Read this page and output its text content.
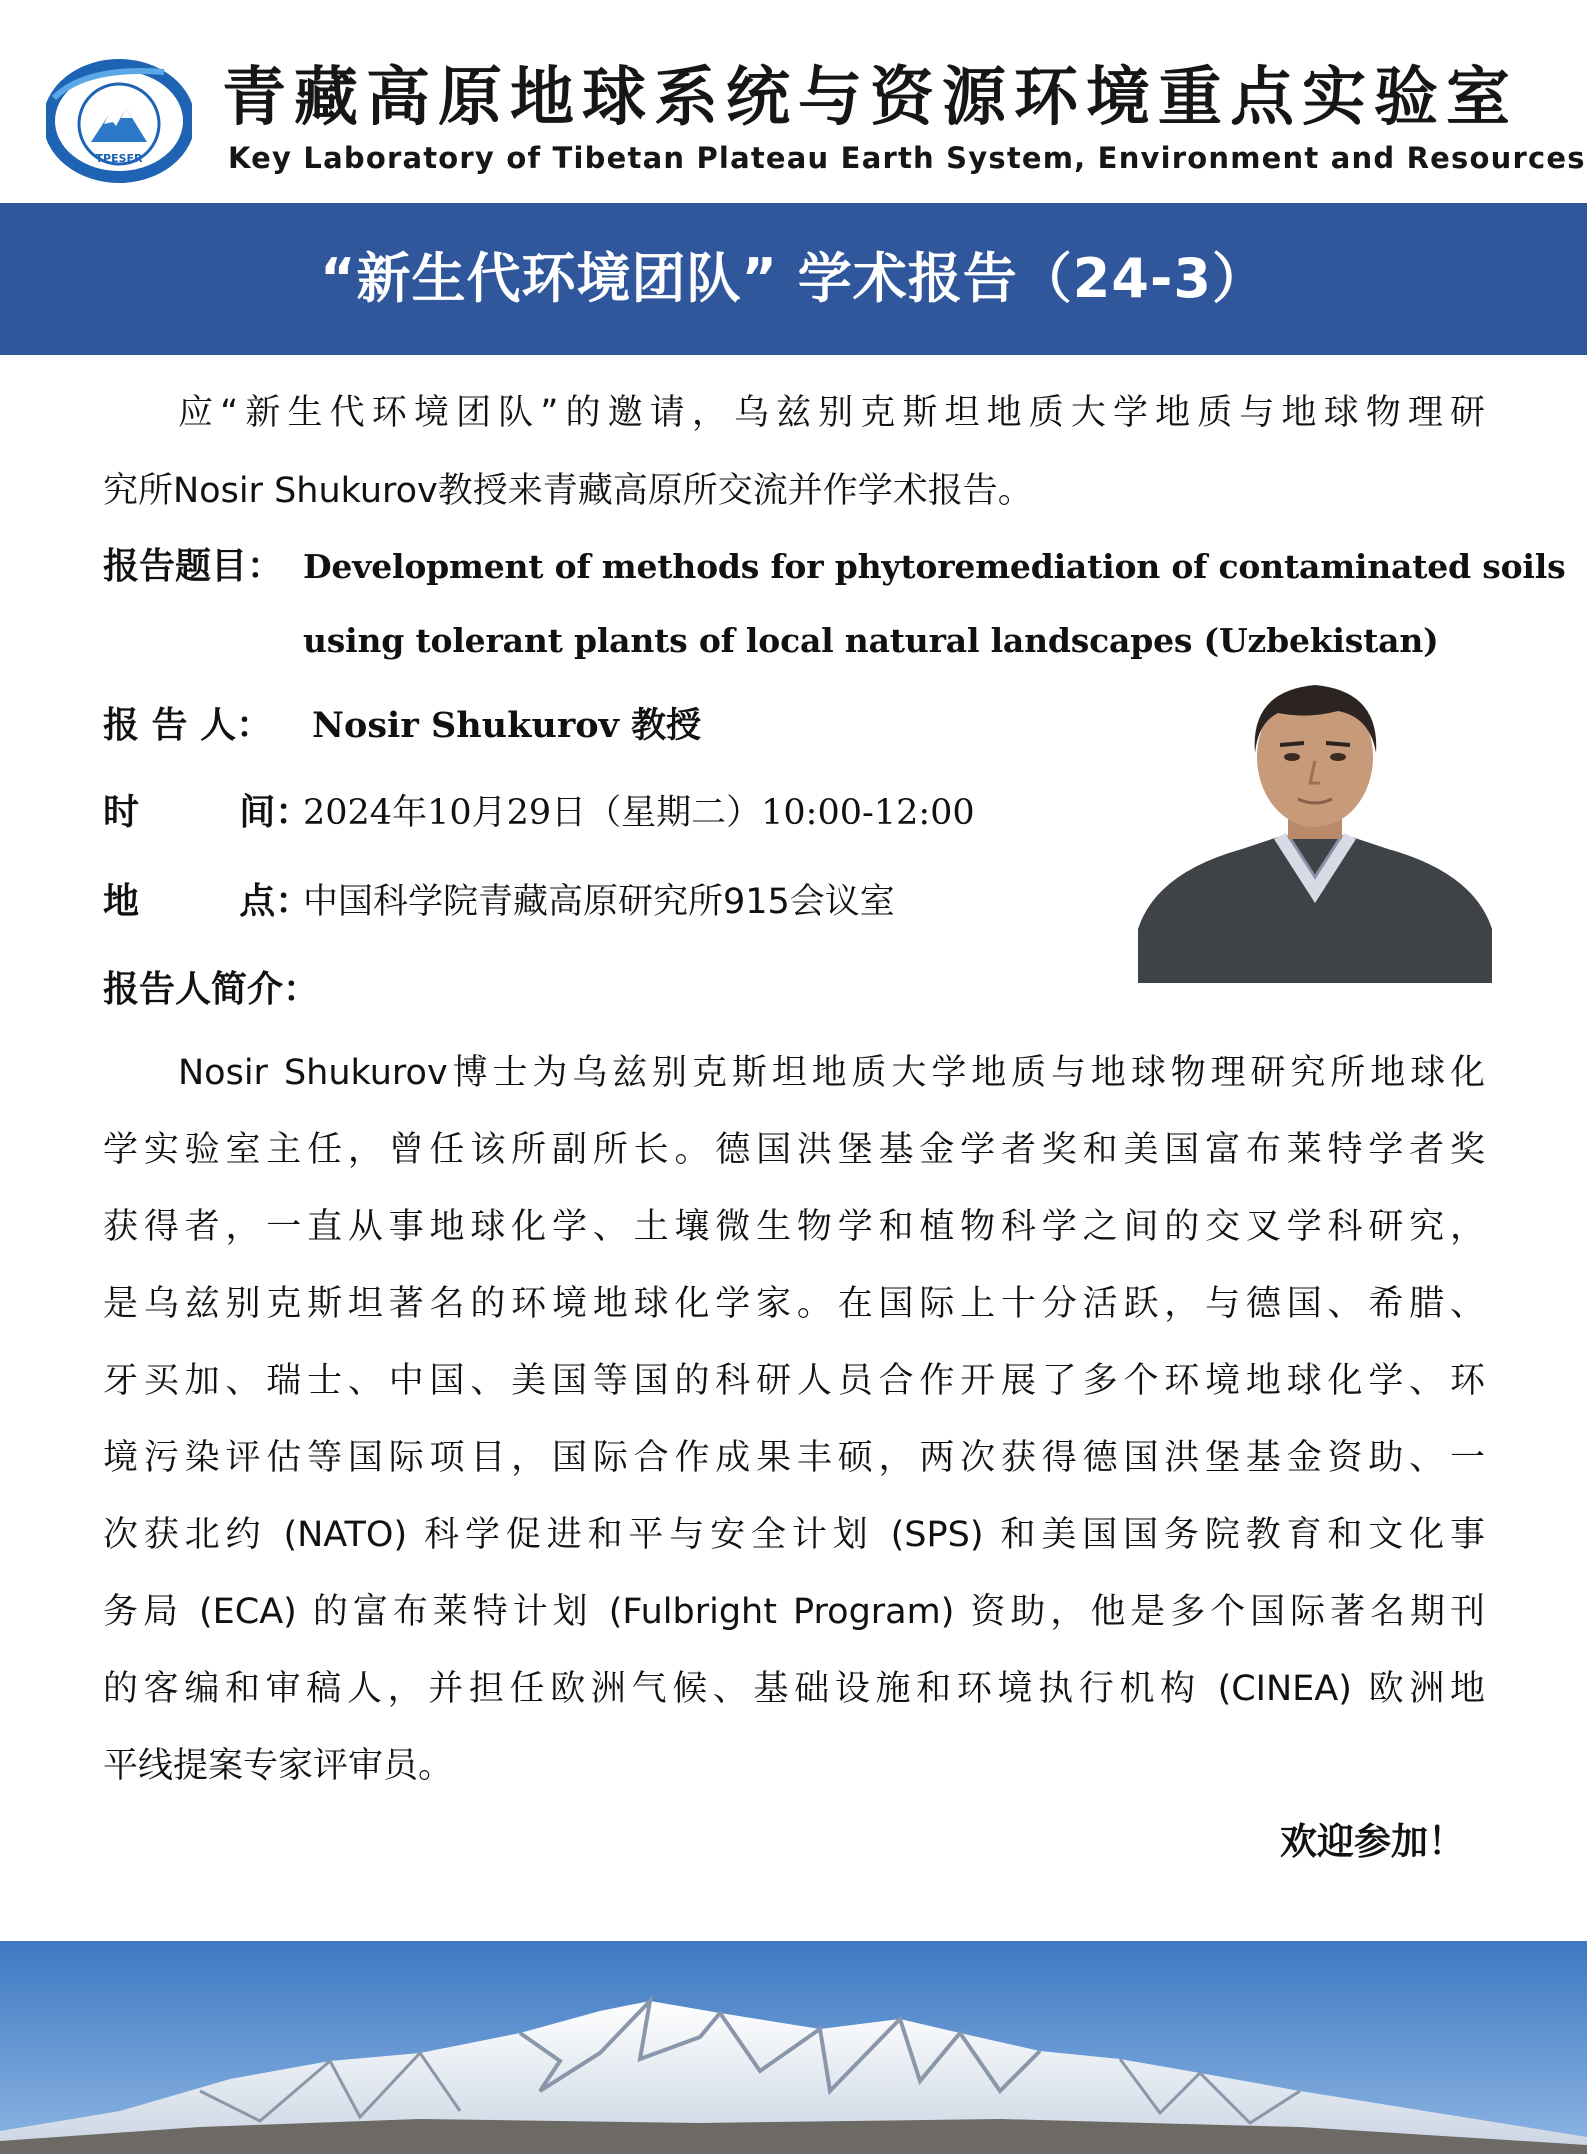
TPESER
青藏高原地球系统与资源环境重点实验室
Key Laboratory of Tibetan Plateau Earth System, Environment and Resources
“新生代环境团队” 学术报告（24-3）
应“新生代环境团队”的邀请，乌兹别克斯坦地质大学地质与地球物理研
究所Nosir Shukurov教授来青藏高原所交流并作学术报告。
报告题目： Development of methods for phytoremediation of contaminated soils
using tolerant plants of local natural landscapes (Uzbekistan)
报 告 人： Nosir Shukurov 教授
时        间：
2024年10月29日（星期二）10:00-12:00
地        点：
中国科学院青藏高原研究所915会议室
报告人简介：
Nosir Shukurov博士为乌兹别克斯坦地质大学地质与地球物理研究所地球化
学实验室主任，曾任该所副所长。德国洪堡基金学者奖和美国富布莱特学者奖
获得者，一直从事地球化学、土壤微生物学和植物科学之间的交叉学科研究，
是乌兹别克斯坦著名的环境地球化学家。在国际上十分活跃，与德国、希腊、
牙买加、瑞士、中国、美国等国的科研人员合作开展了多个环境地球化学、环
境污染评估等国际项目，国际合作成果丰硕，两次获得德国洪堡基金资助、一
次获北约 (NATO) 科学促进和平与安全计划 (SPS) 和美国国务院教育和文化事
务局 (ECA) 的富布莱特计划 (Fulbright Program) 资助，他是多个国际著名期刊
的客编和审稿人，并担任欧洲气候、基础设施和环境执行机构 (CINEA) 欧洲地
平线提案专家评审员。
欢迎参加！
